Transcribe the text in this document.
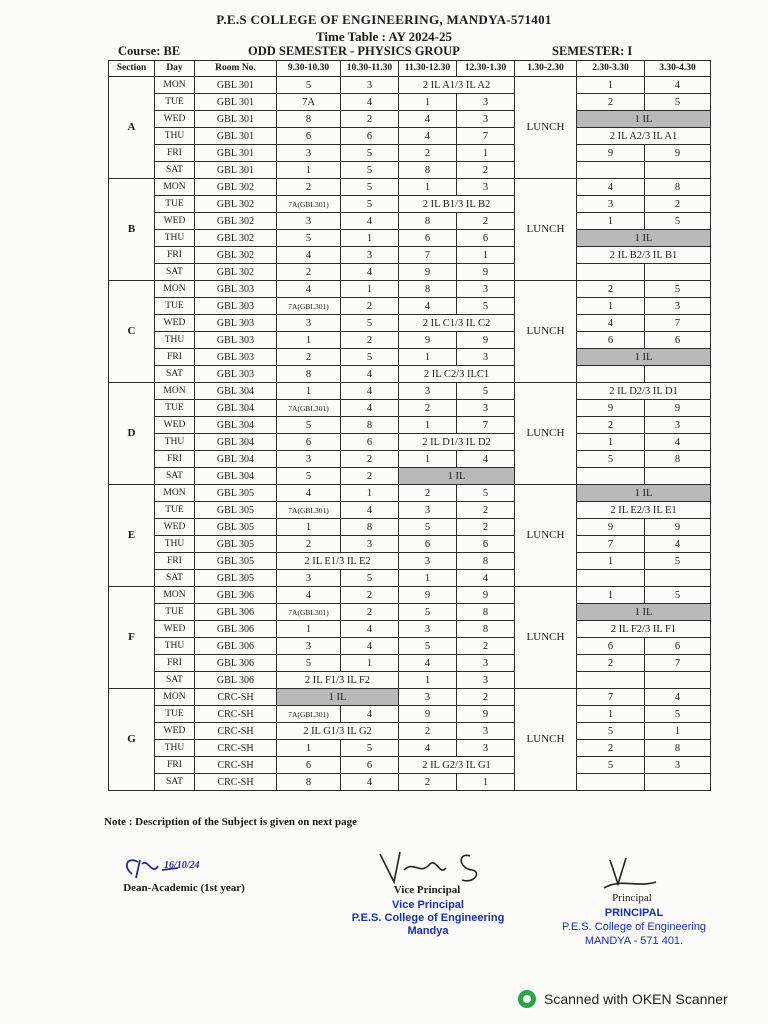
P.E.S COLLEGE OF ENGINEERING, MANDYA-571401
Time Table : AY 2024-25
Course: BE	ODD SEMESTER - PHYSICS GROUP	SEMESTER: I
Section	Day	Room No.	9.30-10.30	10.30-11.30	11.30-12.30	12.30-1.30	1.30-2.30	2.30-3.30	3.30-4.30
A	MON	GBL 301	5	3	2 IL A1/3 IL A2		LUNCH	1	4
	TUE	GBL 301	7A	4	1	3		2	5
	WED	GBL 301	8	2	4	3		1 IL	
	THU	GBL 301	6	6	4	7		2 IL A2/3 IL A1	
	FRI	GBL 301	3	5	2	1		9	9
	SAT	GBL 301	1	5	8	2			
B	MON	GBL 302	2	5	1	3	LUNCH	4	8
	TUE	GBL 302	7A(GBL301)	5	2 IL B1/3 IL B2			3	2
	WED	GBL 302	3	4	8	2		1	5
	THU	GBL 302	5	1	6	6		1 IL	
	FRI	GBL 302	4	3	7	1		2 IL B2/3 IL B1	
	SAT	GBL 302	2	4	9	9			
C	MON	GBL 303	4	1	8	3	LUNCH	2	5
	TUE	GBL 303	7A(GBL301)	2	4	5		1	3
	WED	GBL 303	3	5	2 IL C1/3 IL C2			4	7
	THU	GBL 303	1	2	9	9		6	6
	FRI	GBL 303	2	5	1	3		1 IL	
	SAT	GBL 303	8	4	2 IL C2/3 ILC1				
D	MON	GBL 304	1	4	3	5	LUNCH	2 IL D2/3 IL D1	
	TUE	GBL 304	7A(GBL301)	4	2	3		9	9
	WED	GBL 304	5	8	1	7		2	3
	THU	GBL 304	6	6	2 IL D1/3 IL D2			1	4
	FRI	GBL 304	3	2	1	4		5	8
	SAT	GBL 304	5	2	1 IL				
E	MON	GBL 305	4	1	2	5	LUNCH	1 IL	
	TUE	GBL 305	7A(GBL301)	4	3	2		2 IL E2/3 IL E1	
	WED	GBL 305	1	8	5	2		9	9
	THU	GBL 305	2	3	6	6		7	4
	FRI	GBL 305	2 IL E1/3 IL E2		3	8		1	5
	SAT	GBL 305	3	5	1	4			
F	MON	GBL 306	4	2	9	9	LUNCH	1	5
	TUE	GBL 306	7A(GBL301)	2	5	8		1 IL	
	WED	GBL 306	1	4	3	8		2 IL F2/3 IL F1	
	THU	GBL 306	3	4	5	2		6	6
	FRI	GBL 306	5	1	4	3		2	7
	SAT	GBL 306	2 IL F1/3 IL F2		1	3			
G	MON	CRC-SH	1 IL		3	2	LUNCH	7	4
	TUE	CRC-SH	7A(GBL301)	4	9	9		1	5
	WED	CRC-SH	2 IL G1/3 IL G2		2	3		5	1
	THU	CRC-SH	1	5	4	3		2	8
	FRI	CRC-SH	6	6	2 IL G2/3 IL G1			5	3
	SAT	CRC-SH	8	4	2	1			
Note : Description of the Subject is given on next page
16/10/24
Dean-Academic (1st year)	Vice Principal
Vice Principal
P.E.S. College of Engineering
Mandya
Principal
PRINCIPAL
P.E.S. College of Engineering
MANDYA - 571 401.
Scanned with OKEN Scanner
